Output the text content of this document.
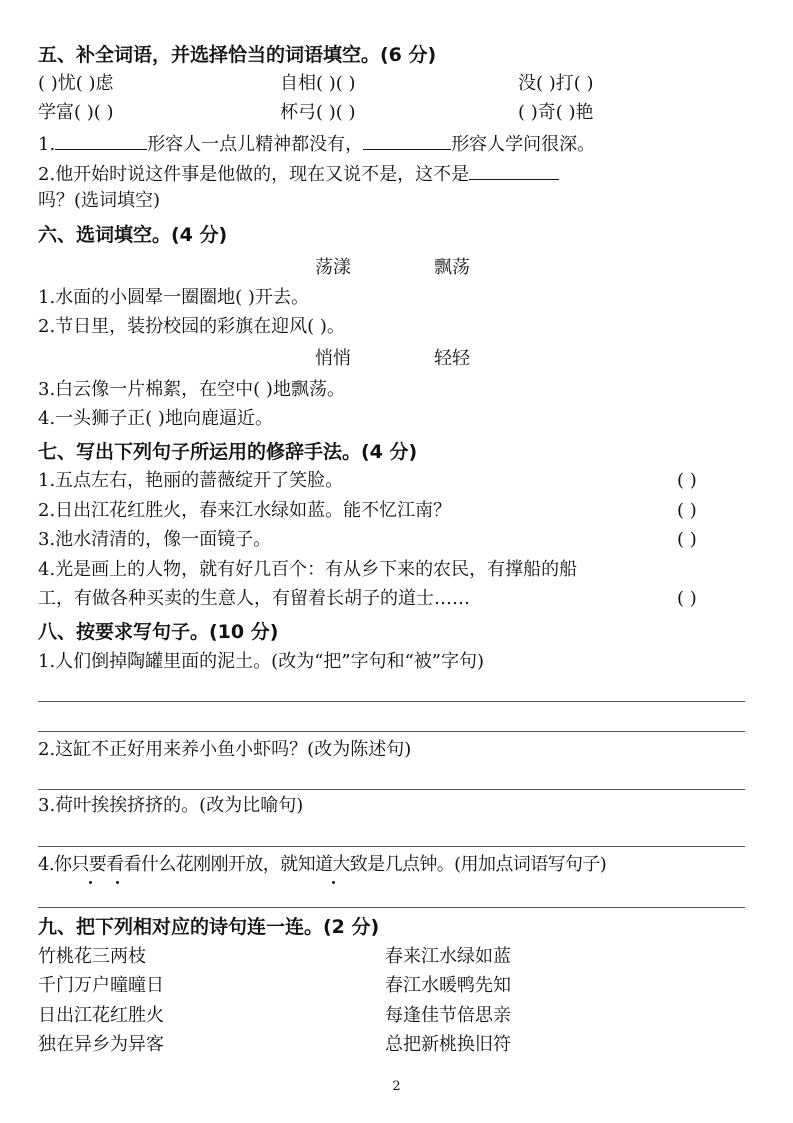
五、补全词语，并选择恰当的词语填空。(6 分)
( )忧( )虑	自相( )( )	没( )打( )
学富( )( )	杯弓( )( )	( )奇( )艳
1.	形容人一点儿精神都没有，	形容人学问很深。
2.他开始时说这件事是他做的，现在又说不是，这不是
吗？(选词填空)
六、选词填空。(4 分)
荡漾	飘荡
1.水面的小圆晕一圈圈地( )开去。
2.节日里，装扮校园的彩旗在迎风( )。
悄悄	轻轻
3.白云像一片棉絮，在空中( )地飘荡。
4.一头狮子正( )地向鹿逼近。
七、写出下列句子所运用的修辞手法。(4 分)
1.五点左右，艳丽的蔷薇绽开了笑脸。	( )
2.日出江花红胜火，春来江水绿如蓝。能不忆江南？	( )
3.池水清清的，像一面镜子。	( )
4.光是画上的人物，就有好几百个：有从乡下来的农民，有撑船的船
工，有做各种买卖的生意人，有留着长胡子的道士……	( )
八、按要求写句子。(10 分)
1.人们倒掉陶罐里面的泥土。(改为“把”字句和“被”字句)
2.这缸不正好用来养小鱼小虾吗？(改为陈述句)
3.荷叶挨挨挤挤的。(改为比喻句)
4.你只要看看什么花刚刚开放，就知道大致是几点钟。(用加点词语写句子)
九、把下列相对应的诗句连一连。(2 分)
竹桃花三两枝	春来江水绿如蓝
千门万户曈曈日	春江水暖鸭先知
日出江花红胜火	每逢佳节倍思亲
独在异乡为异客	总把新桃换旧符
2
